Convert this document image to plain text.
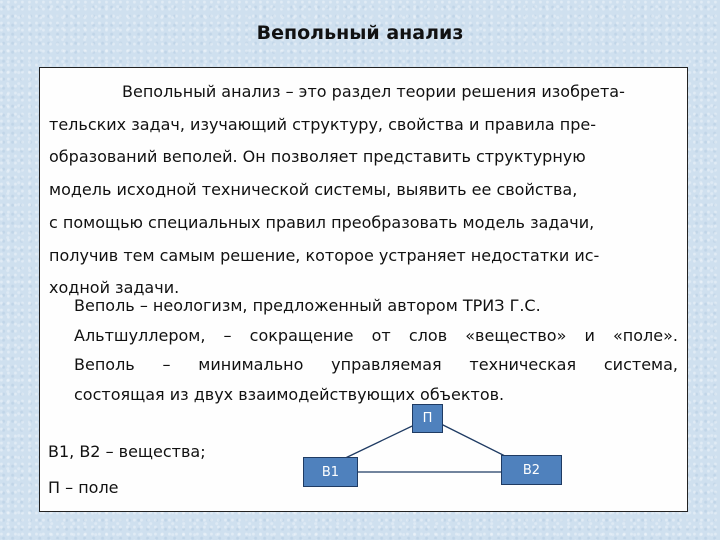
Вепольный анализ
Вепольный анализ – это раздел теории решения изобрета-
тельских задач, изучающий структуру, свойства и правила пре-
образований веполей. Он позволяет представить структурную
модель исходной технической системы, выявить ее свойства,
с помощью специальных правил преобразовать модель задачи,
получив тем самым решение, которое устраняет недостатки ис-
ходной задачи.
Веполь – неологизм, предложенный автором ТРИЗ Г.С.
Альтшуллером, – сокращение от слов «вещество» и «поле».
Веполь – минимально управляемая техническая система,
состоящая из двух взаимодействующих объектов.
В1, В2 – вещества;
П – поле
П
В1	В2
